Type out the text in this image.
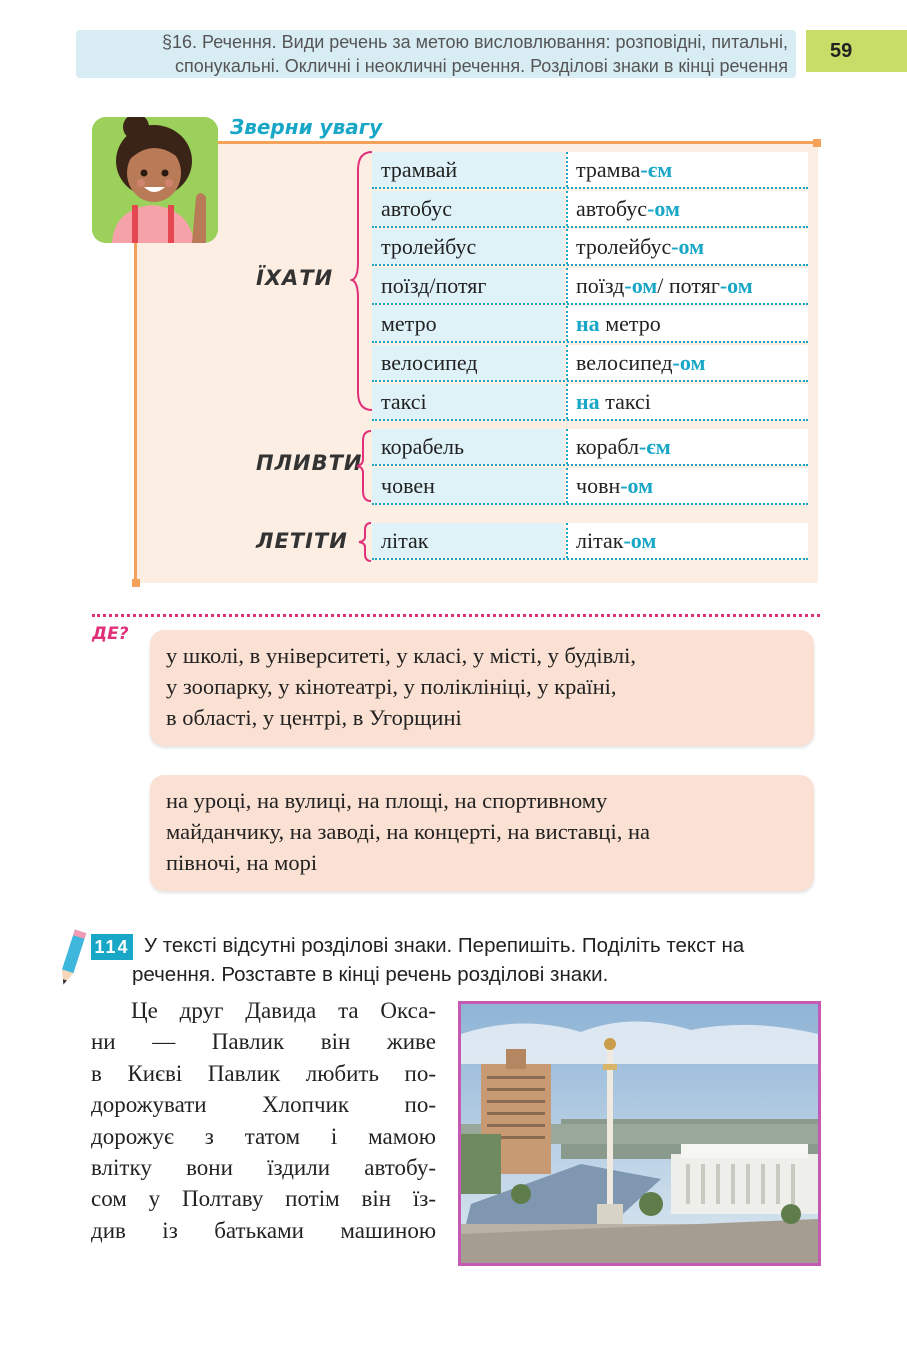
§16. Речення. Види речень за метою висловлювання: розповідні, питальні,
спонукальні. Окличні і неокличні речення. Розділові знаки в кінці речення
59
Зверни увагу
ЇХАТИ
ПЛИВТИ
ЛЕТІТИ
трамвай	трамва-єм
автобус	автобус-ом
тролейбус	тролейбус-ом
поїзд/потяг	поїзд-ом/ потяг-ом
метро	на метро
велосипед	велосипед-ом
таксі	на таксі
корабель	корабл-єм
човен	човн-ом
літак	літак-ом
ДЕ?
у школі, в університеті, у класі, у місті, у будівлі,
у зоопарку, у кінотеатрі, у поліклініці, у країні,
в області, у центрі, в Угорщині
на уроці, на вулиці, на площі, на спортивному
майданчику, на заводі, на концерті, на виставці, на
півночі, на морі
114 У тексті відсутні розділові знаки. Перепишіть. Поділіть текст на речення. Розставте в кінці речень розділові знаки.
Це друг Давида та Окса-
ни — Павлик він живе
в Києві Павлик любить по-
дорожувати Хлопчик по-
дорожує з татом і мамою
влітку вони їздили автобу-
сом у Полтаву потім він їз-
див із батьками машиною
